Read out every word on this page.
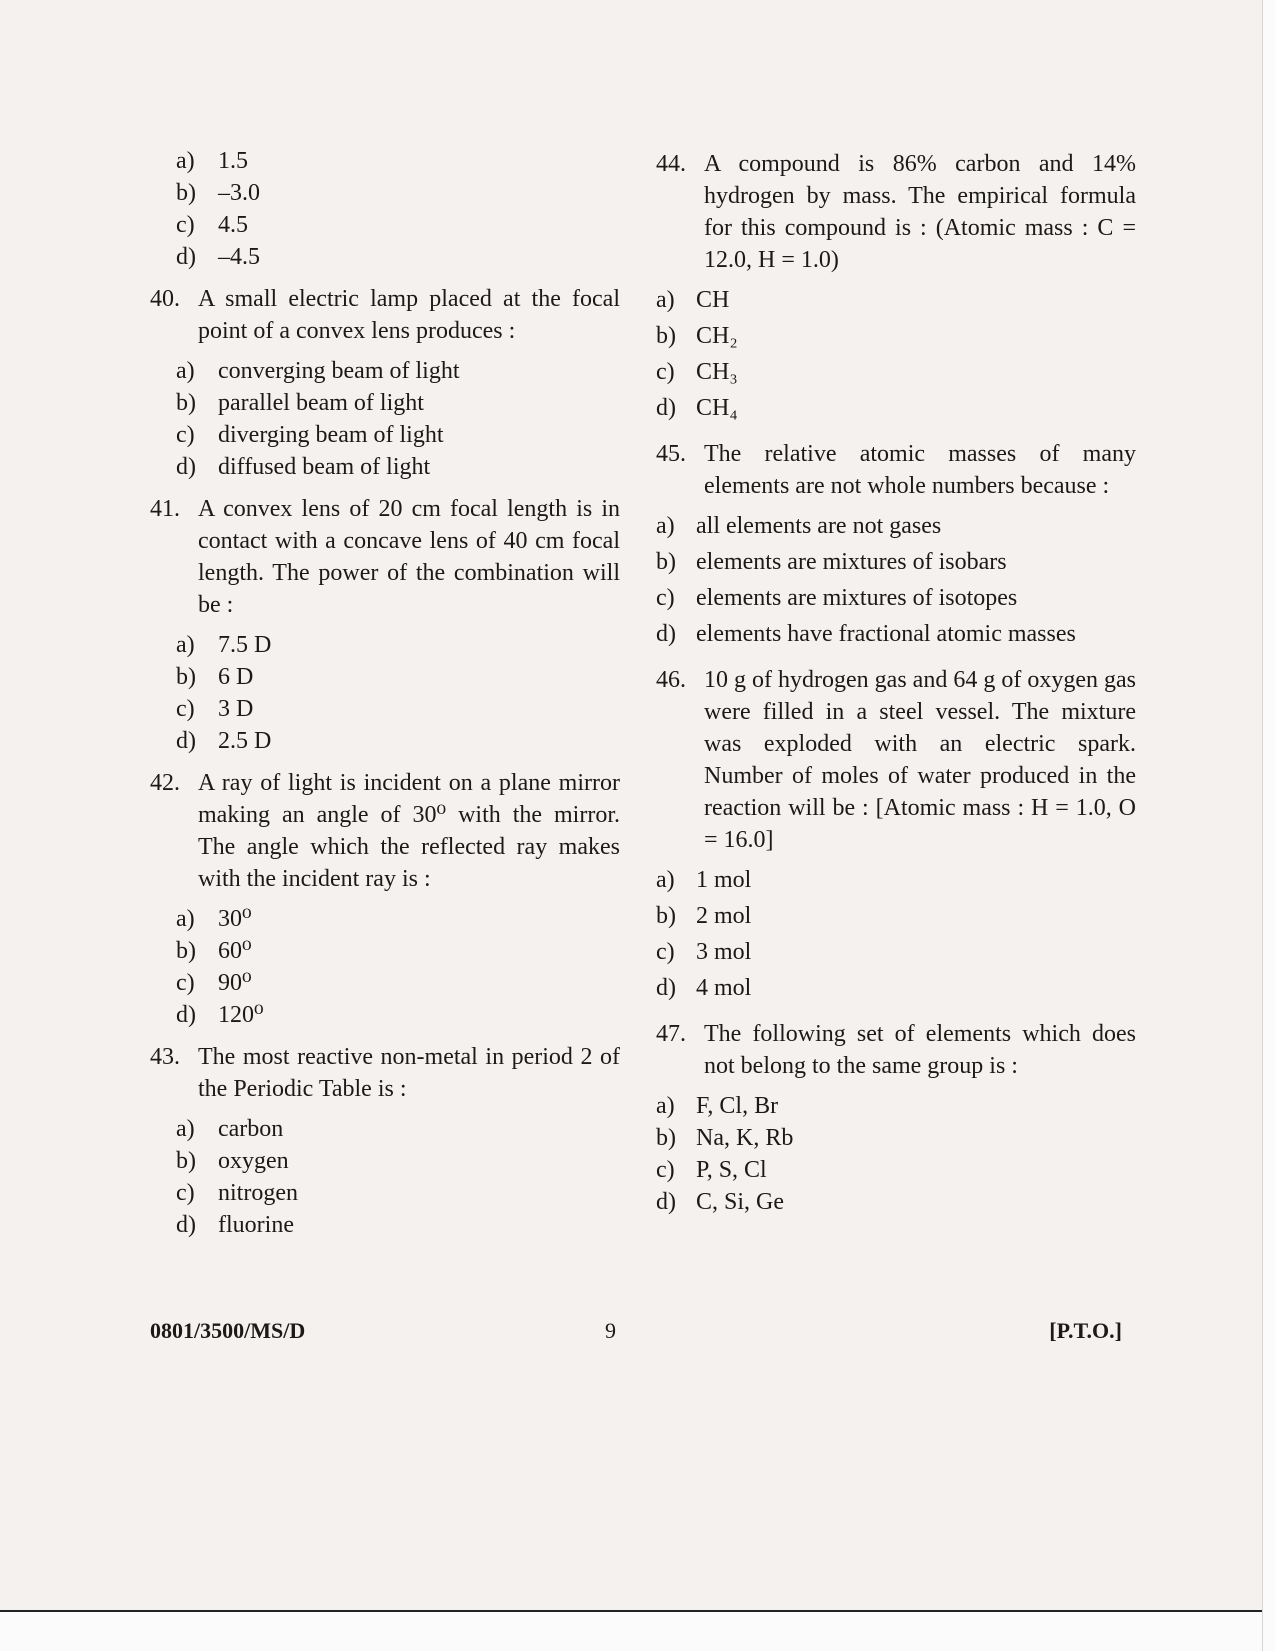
a) 1.5
b) –3.0
c) 4.5
d) –4.5
40. A small electric lamp placed at the focal point of a convex lens produces :
a) converging beam of light
b) parallel beam of light
c) diverging beam of light
d) diffused beam of light
41. A convex lens of 20 cm focal length is in contact with a concave lens of 40 cm focal length. The power of the combination will be :
a) 7.5 D
b) 6 D
c) 3 D
d) 2.5 D
42. A ray of light is incident on a plane mirror making an angle of 30⁰ with the mirror. The angle which the reflected ray makes with the incident ray is :
a) 30⁰
b) 60⁰
c) 90⁰
d) 120⁰
43. The most reactive non-metal in period 2 of the Periodic Table is :
a) carbon
b) oxygen
c) nitrogen
d) fluorine
44. A compound is 86% carbon and 14% hydrogen by mass. The empirical formula for this compound is : (Atomic mass : C = 12.0, H = 1.0)
a) CH
b) CH₂
c) CH₃
d) CH₄
45. The relative atomic masses of many elements are not whole numbers because :
a) all elements are not gases
b) elements are mixtures of isobars
c) elements are mixtures of isotopes
d) elements have fractional atomic masses
46. 10 g of hydrogen gas and 64 g of oxygen gas were filled in a steel vessel. The mixture was exploded with an electric spark. Number of moles of water produced in the reaction will be : [Atomic mass : H = 1.0, O = 16.0]
a) 1 mol
b) 2 mol
c) 3 mol
d) 4 mol
47. The following set of elements which does not belong to the same group is :
a) F, Cl, Br
b) Na, K, Rb
c) P, S, Cl
d) C, Si, Ge
0801/3500/MS/D	9	[P.T.O.]
